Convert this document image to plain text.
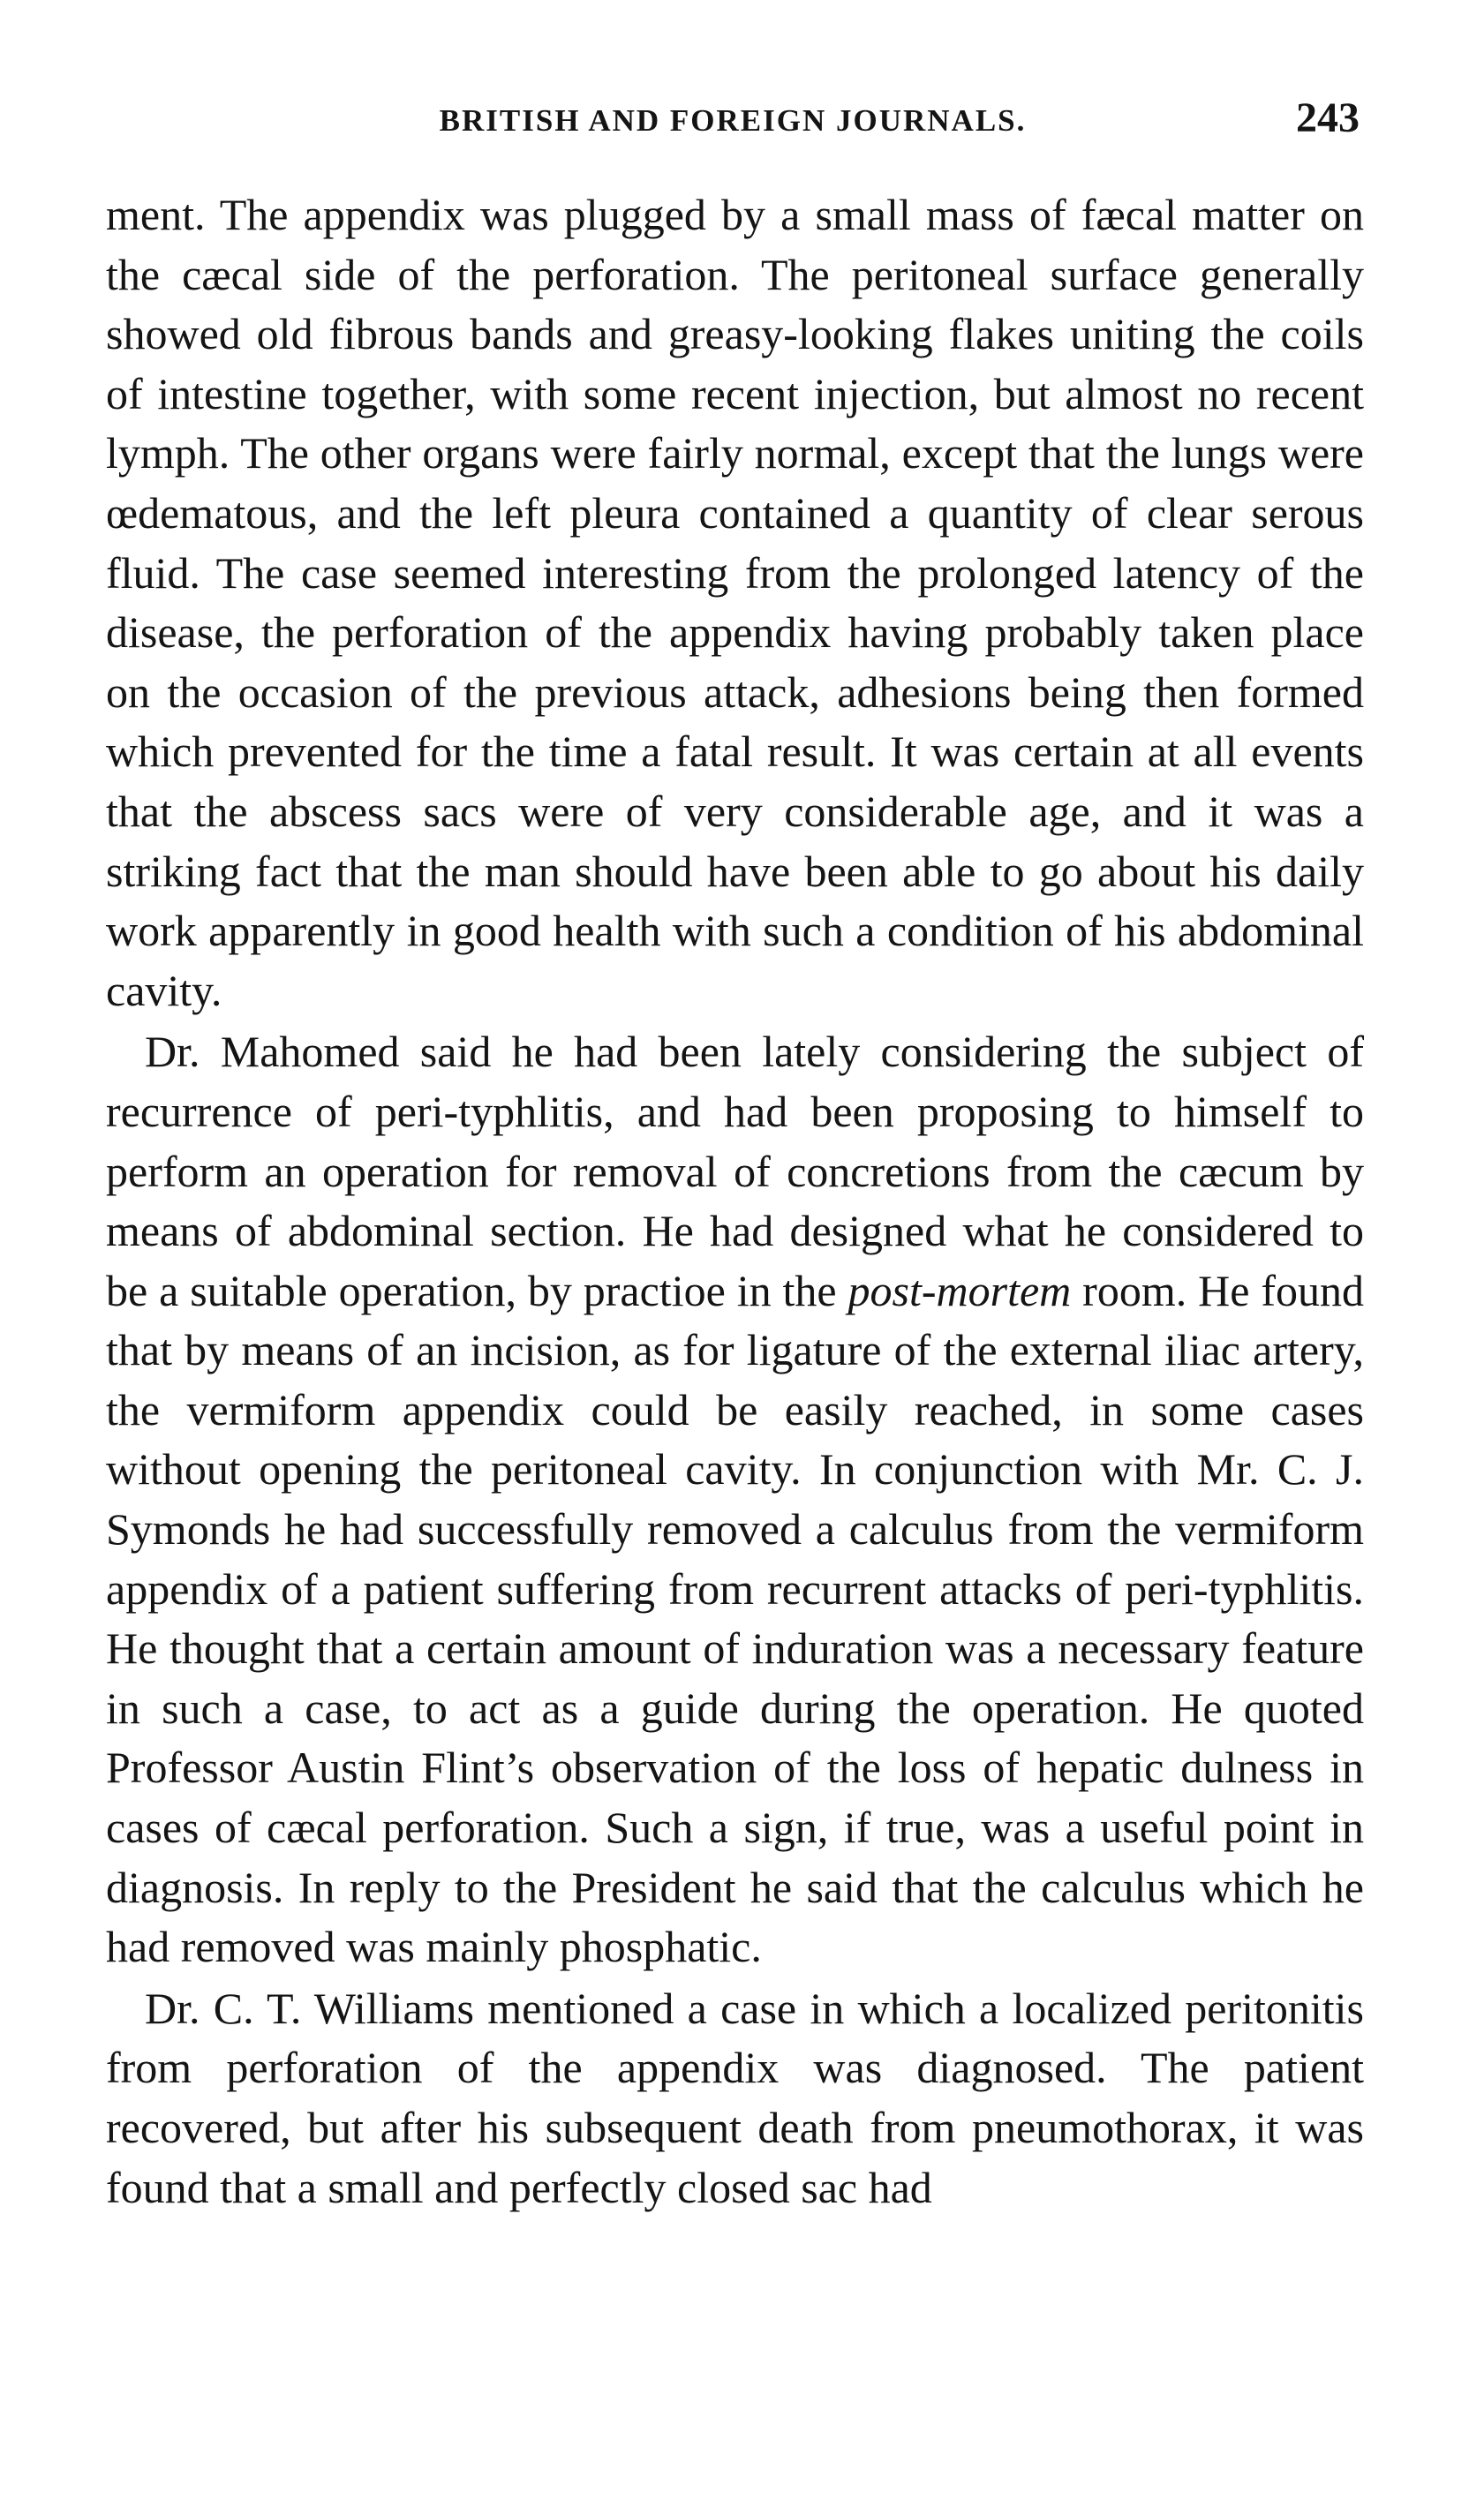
BRITISH AND FOREIGN JOURNALS.	243

ment. The appendix was plugged by a small mass of fæcal matter on the cæcal side of the perforation. The peritoneal surface generally showed old fibrous bands and greasy-looking flakes uniting the coils of intestine together, with some recent injection, but almost no recent lymph. The other organs were fairly normal, except that the lungs were œdematous, and the left pleura contained a quantity of clear serous fluid. The case seemed interesting from the prolonged latency of the disease, the perforation of the appendix having probably taken place on the occasion of the previous attack, adhesions being then formed which prevented for the time a fatal result. It was certain at all events that the abscess sacs were of very considerable age, and it was a striking fact that the man should have been able to go about his daily work apparently in good health with such a condition of his abdominal cavity.

Dr. Mahomed said he had been lately considering the subject of recurrence of peri-typhlitis, and had been proposing to himself to perform an operation for removal of concretions from the cæcum by means of abdominal section. He had designed what he considered to be a suitable operation, by practioe in the post-mortem room. He found that by means of an incision, as for ligature of the external iliac artery, the vermiform appendix could be easily reached, in some cases without opening the peritoneal cavity. In conjunction with Mr. C. J. Symonds he had successfully removed a calculus from the vermiform appendix of a patient suffering from recurrent attacks of peri-typhlitis. He thought that a certain amount of induration was a necessary feature in such a case, to act as a guide during the operation. He quoted Professor Austin Flint’s observation of the loss of hepatic dulness in cases of cæcal perforation. Such a sign, if true, was a useful point in diagnosis. In reply to the President he said that the calculus which he had removed was mainly phosphatic.

Dr. C. T. Williams mentioned a case in which a localized peritonitis from perforation of the appendix was diagnosed. The patient recovered, but after his subsequent death from pneumothorax, it was found that a small and perfectly closed sac had
